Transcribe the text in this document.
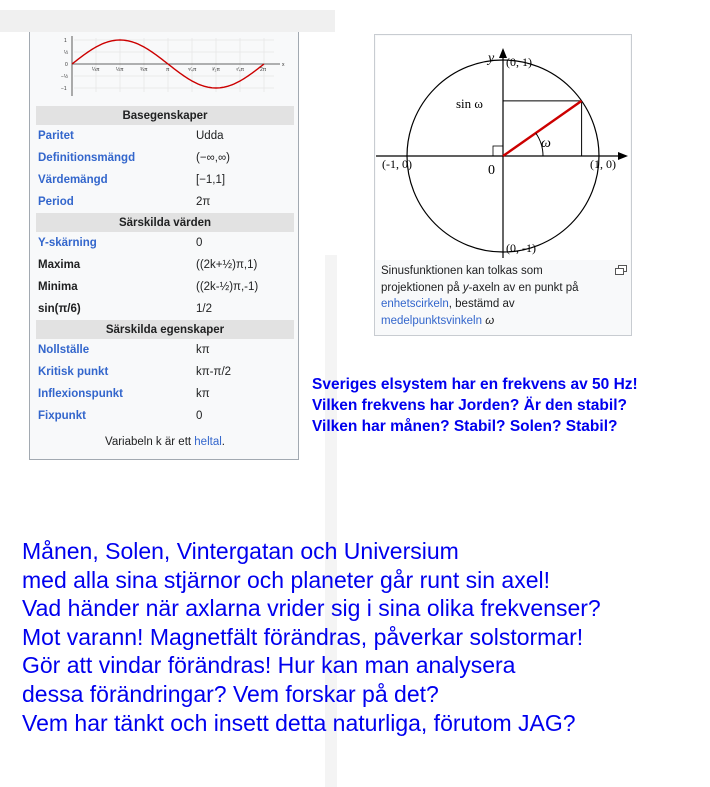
1
½
0
−½
−1
¼π	½π	¾π	π	⁵⁄₄π	³⁄₂π	⁷⁄₄π	2π
x
Basegenskaper	
Paritet	Udda
Definitionsmängd	(−∞,∞)
Värdemängd	[−1,1]
Period	2π
Särskilda värden	
Y-skärning	0
Maxima	((2k+½)π,1)
Minima	((2k-½)π,-1)
sin(π/6)	1/2
Särskilda egenskaper	
Nollställe	kπ
Kritisk punkt	kπ-π/2
Inflexionspunkt	kπ
Fixpunkt	0
Variabeln k är ett heltal.
y (0, 1)
(-1, 0)	(1, 0)
(0, -1)
0
sin ω
ω
Sinusfunktionen kan tolkas som
projektionen på y-axeln av en punkt på
enhetscirkeln, bestämd av
medelpunktsvinkeln ω
Sveriges elsystem har en frekvens av 50 Hz!
Vilken frekvens har Jorden? Är den stabil?
Vilken har månen? Stabil? Solen? Stabil?
Månen, Solen, Vintergatan och Universium
med alla sina stjärnor och planeter går runt sin axel!
Vad händer när axlarna vrider sig i sina olika frekvenser?
Mot varann! Magnetfält förändras, påverkar solstormar!
Gör att vindar förändras! Hur kan man analysera
dessa förändringar? Vem forskar på det?
Vem har tänkt och insett detta naturliga, förutom JAG?
